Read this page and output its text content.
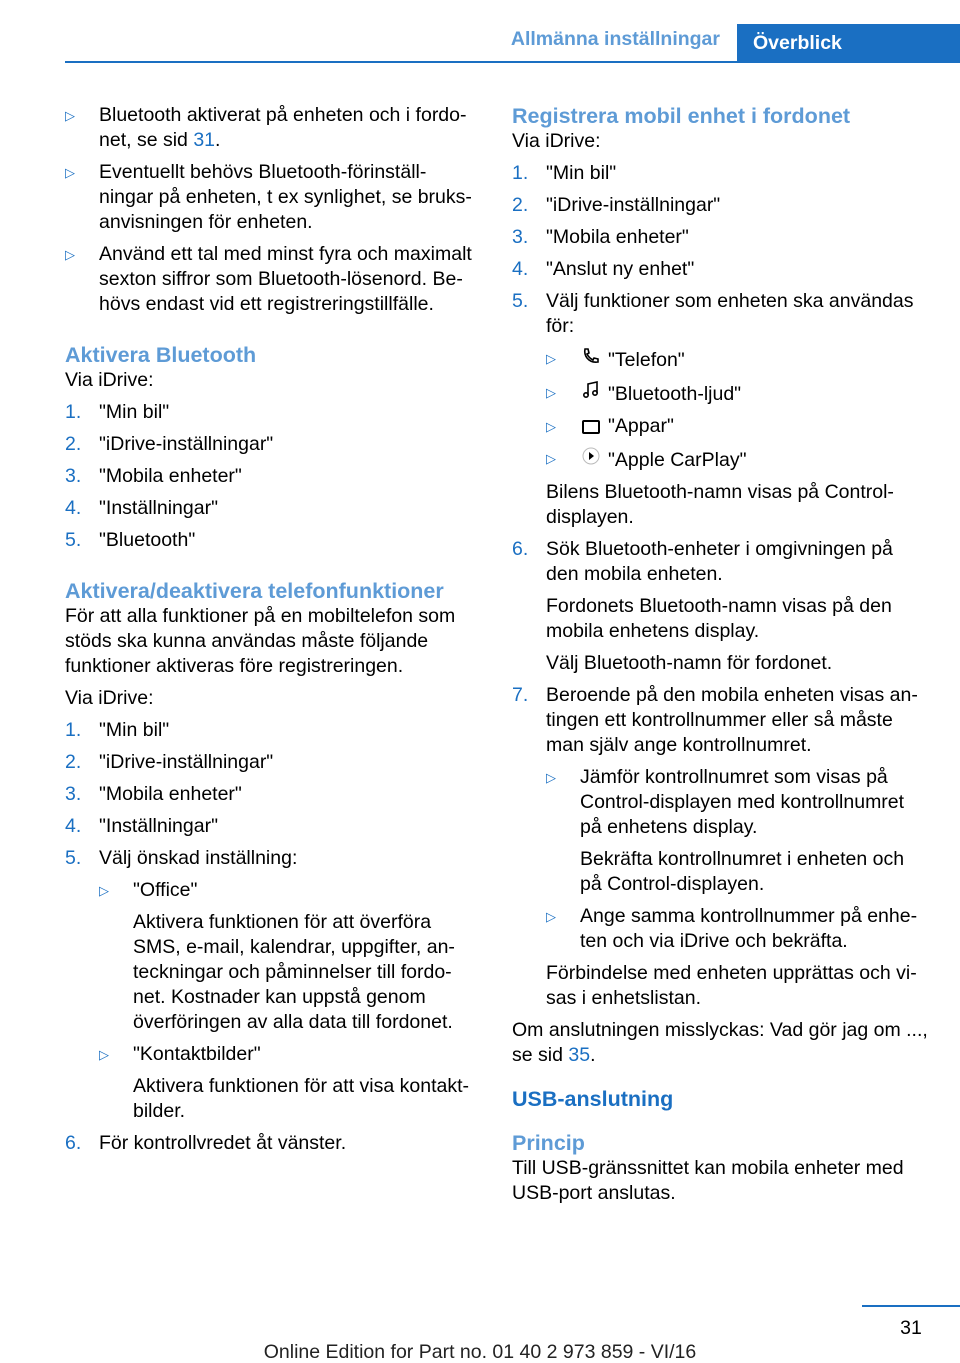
Allmänna inställningar	Överblick
▷ Bluetooth aktiverat på enheten och i fordo-net, se sid 31.
▷ Eventuellt behövs Bluetooth-förinställ-ningar på enheten, t ex synlighet, se bruks-anvisningen för enheten.
▷ Använd ett tal med minst fyra och maximalt sexton siffror som Bluetooth-lösenord. Be-hövs endast vid ett registreringstillfälle.
Aktivera Bluetooth

Via iDrive:

1. "Min bil"
2. "iDrive-inställningar"
3. "Mobila enheter"
4. "Inställningar"
5. "Bluetooth"
Aktivera/deaktivera telefonfunktioner

För att alla funktioner på en mobiltelefon som stöds ska kunna användas måste följande funktioner aktiveras före registreringen.

Via iDrive:

1. "Min bil"
2. "iDrive-inställningar"
3. "Mobila enheter"
4. "Inställningar"
5. Välj önskad inställning:
▷ "Office"

Aktivera funktionen för att överföra SMS, e-mail, kalendrar, uppgifter, an-teckningar och påminnelser till fordo-net. Kostnader kan uppstå genom överföringen av alla data till fordonet.

▷ "Kontaktbilder"

Aktivera funktionen för att visa kontakt-bilder.

6. För kontrollvredet åt vänster.
Registrera mobil enhet i fordonet

Via iDrive:

1. "Min bil"
2. "iDrive-inställningar"
3. "Mobila enheter"
4. "Anslut ny enhet"
5. Välj funktioner som enheten ska användas för:
▷	"Telefon"
▷	"Bluetooth-ljud"
▷	"Appar"
▷	"Apple CarPlay"

Bilens Bluetooth-namn visas på Control-displayen.

6. Sök Bluetooth-enheter i omgivningen på den mobila enheten.

Fordonets Bluetooth-namn visas på den mobila enhetens display.

Välj Bluetooth-namn för fordonet.

7. Beroende på den mobila enheten visas an-tingen ett kontrollnummer eller så måste man själv ange kontrollnumret.

▷ Jämför kontrollnumret som visas på Control-displayen med kontrollnumret på enhetens display.

Bekräfta kontrollnumret i enheten och på Control-displayen.

▷ Ange samma kontrollnummer på enhe-ten och via iDrive och bekräfta.

Förbindelse med enheten upprättas och vi-sas i enhetslistan.

Om anslutningen misslyckas: Vad gör jag om ..., se sid 35.

USB-anslutning
Princip

Till USB-gränssnittet kan mobila enheter med USB-port anslutas.

31
Online Edition for Part no. 01 40 2 973 859 - VI/16
